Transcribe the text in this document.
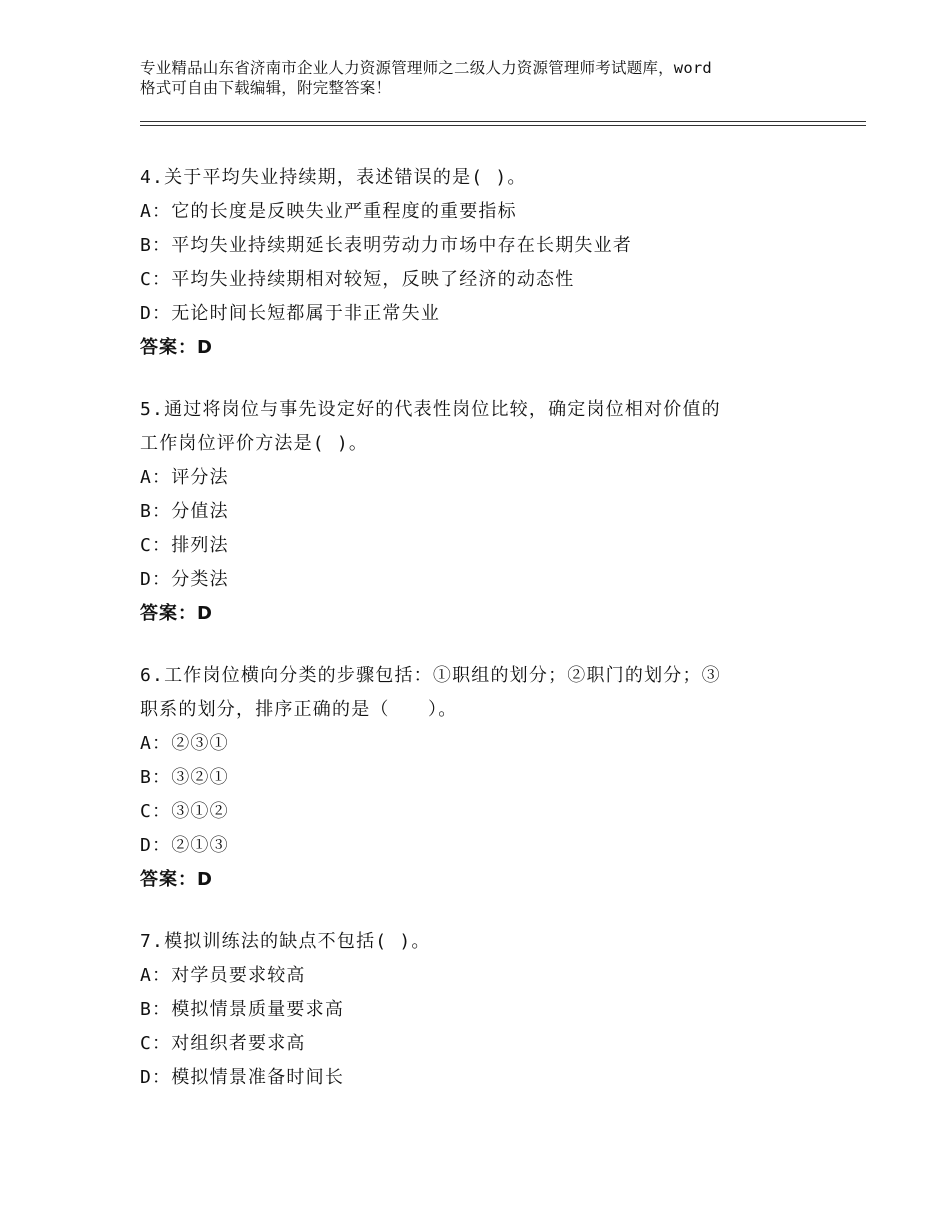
专业精品山东省济南市企业人力资源管理师之二级人力资源管理师考试题库，word
格式可自由下载编辑，附完整答案！
4.关于平均失业持续期，表述错误的是( )。
A：它的长度是反映失业严重程度的重要指标
B：平均失业持续期延长表明劳动力市场中存在长期失业者
C：平均失业持续期相对较短，反映了经济的动态性
D：无论时间长短都属于非正常失业
答案：D
5.通过将岗位与事先设定好的代表性岗位比较，确定岗位相对价值的
工作岗位评价方法是( )。
A：评分法
B：分值法
C：排列法
D：分类法
答案：D
6.工作岗位横向分类的步骤包括：①职组的划分；②职门的划分；③
职系的划分，排序正确的是（　　）。
A：②③①
B：③②①
C：③①②
D：②①③
答案：D
7.模拟训练法的缺点不包括( )。
A：对学员要求较高
B：模拟情景质量要求高
C：对组织者要求高
D：模拟情景准备时间长
